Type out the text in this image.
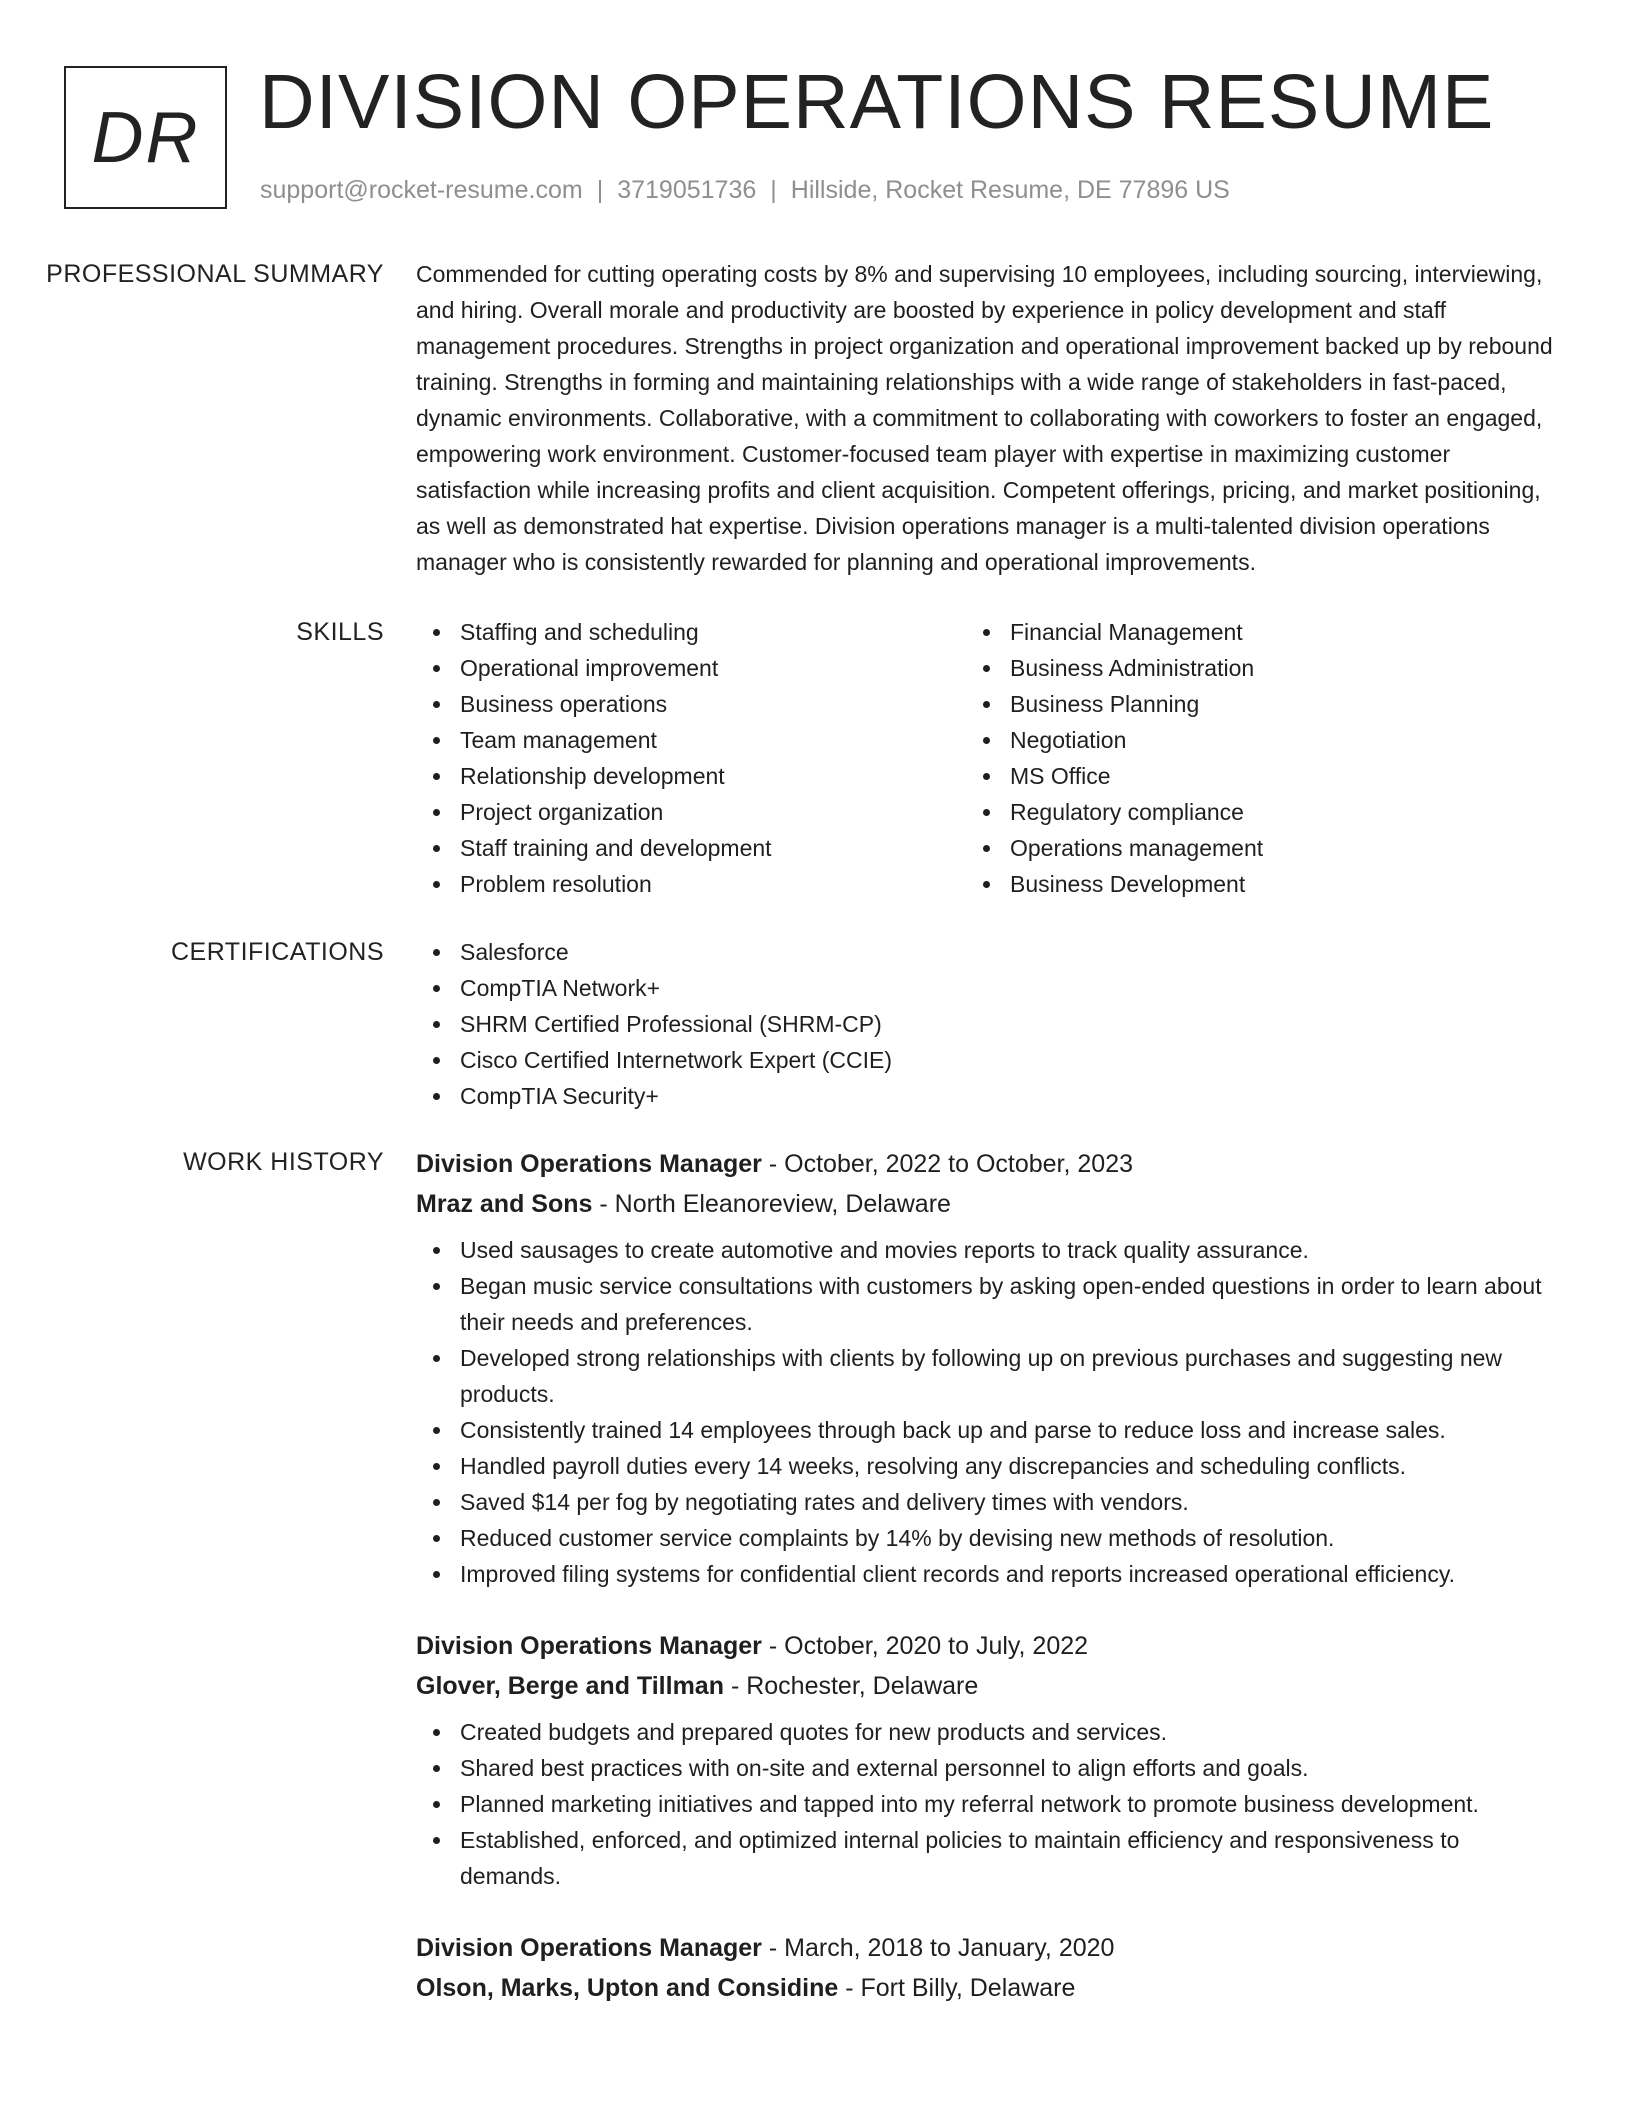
DR DIVISION OPERATIONS RESUME
support@rocket-resume.com | 3719051736 | Hillside, Rocket Resume, DE 77896 US
PROFESSIONAL SUMMARY	Commended for cutting operating costs by 8% and supervising 10 employees, including sourcing, interviewing, and hiring. Overall morale and productivity are boosted by experience in policy development and staff management procedures. Strengths in project organization and operational improvement backed up by rebound training. Strengths in forming and maintaining relationships with a wide range of stakeholders in fast-paced, dynamic environments. Collaborative, with a commitment to collaborating with coworkers to foster an engaged, empowering work environment. Customer-focused team player with expertise in maximizing customer satisfaction while increasing profits and client acquisition. Competent offerings, pricing, and market positioning, as well as demonstrated hat expertise. Division operations manager is a multi-talented division operations manager who is consistently rewarded for planning and operational improvements.

SKILLS	Staffing and scheduling
Operational improvement
Business operations
Team management
Relationship development
Project organization
Staff training and development
Problem resolution
Financial Management
Business Administration
Business Planning
Negotiation
MS Office
Regulatory compliance
Operations management
Business Development
CERTIFICATIONS	Salesforce
CompTIA Network+
SHRM Certified Professional (SHRM-CP)
Cisco Certified Internetwork Expert (CCIE)
CompTIA Security+
WORK HISTORY	Division Operations Manager - October, 2022 to October, 2023
Mraz and Sons - North Eleanoreview, Delaware
Used sausages to create automotive and movies reports to track quality assurance.
Began music service consultations with customers by asking open-ended questions in order to learn about their needs and preferences.
Developed strong relationships with clients by following up on previous purchases and suggesting new products.
Consistently trained 14 employees through back up and parse to reduce loss and increase sales.
Handled payroll duties every 14 weeks, resolving any discrepancies and scheduling conflicts.
Saved $14 per fog by negotiating rates and delivery times with vendors.
Reduced customer service complaints by 14% by devising new methods of resolution.
Improved filing systems for confidential client records and reports increased operational efficiency.
Division Operations Manager - October, 2020 to July, 2022
Glover, Berge and Tillman - Rochester, Delaware
Created budgets and prepared quotes for new products and services.
Shared best practices with on-site and external personnel to align efforts and goals.
Planned marketing initiatives and tapped into my referral network to promote business development.
Established, enforced, and optimized internal policies to maintain efficiency and responsiveness to demands.
Division Operations Manager - March, 2018 to January, 2020
Olson, Marks, Upton and Considine - Fort Billy, Delaware
